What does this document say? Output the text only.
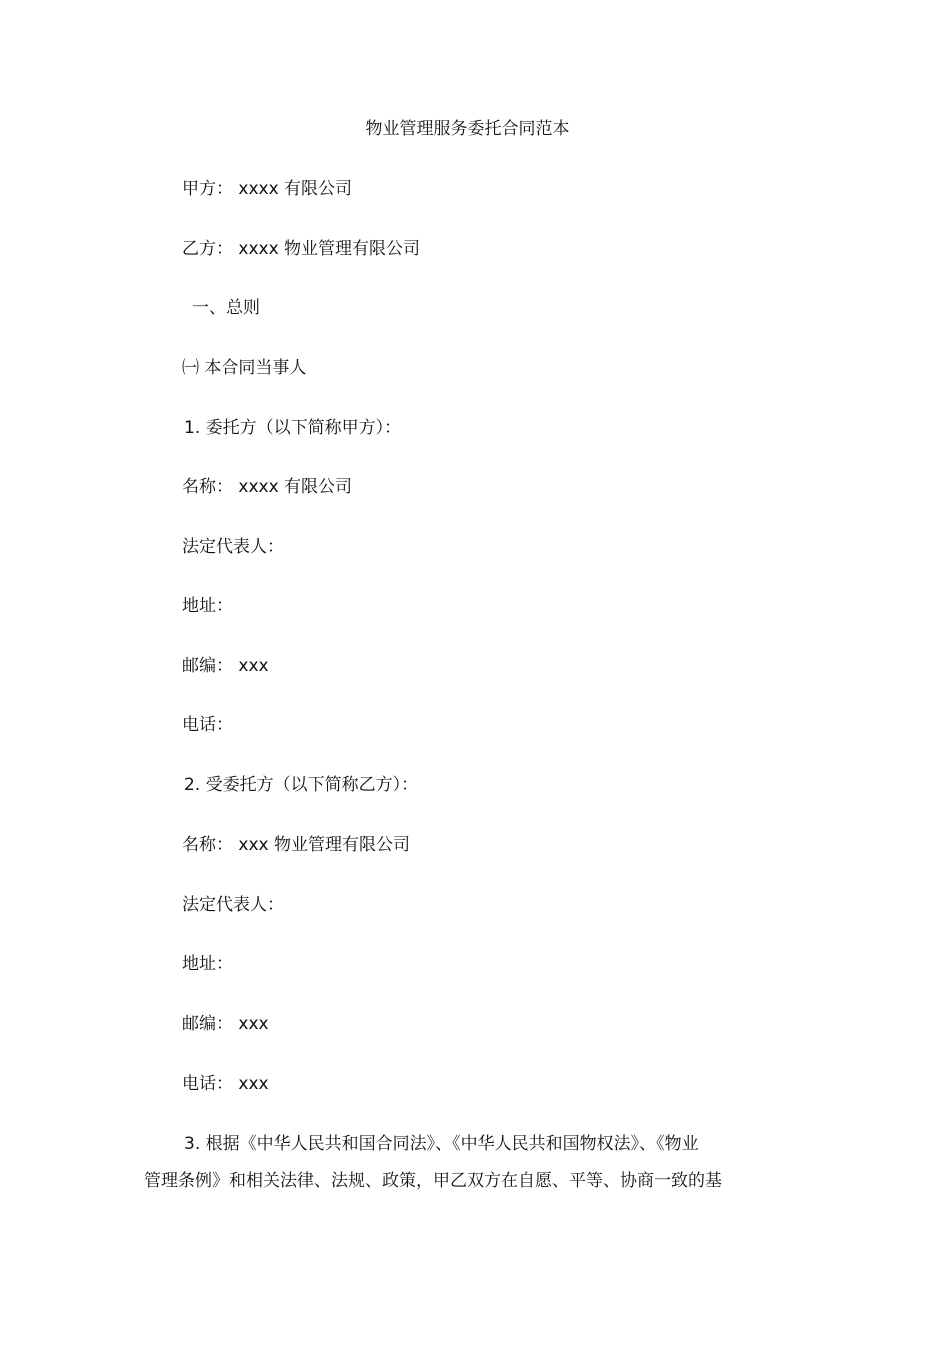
物业管理服务委托合同范本
甲方： xxxx 有限公司
乙方： xxxx 物业管理有限公司
一、总则
㈠ 本合同当事人
1. 委托方（以下简称甲方）：
名称： xxxx 有限公司
法定代表人：
地址：
邮编： xxx
电话：
2. 受委托方（以下简称乙方）：
名称： xxx 物业管理有限公司
法定代表人：
地址：
邮编： xxx
电话： xxx
3. 根据《中华人民共和国合同法》、《中华人民共和国物权法》、《物业
管理条例》和相关法律、法规、政策，甲乙双方在自愿、平等、协商一致的基
